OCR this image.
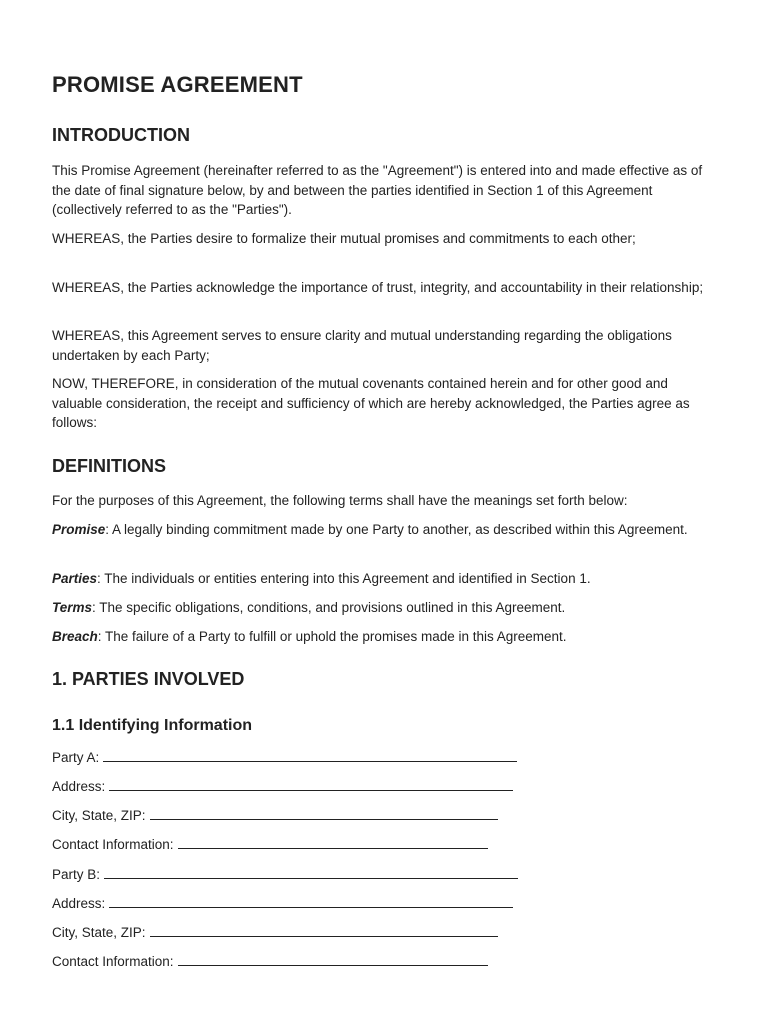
PROMISE AGREEMENT
INTRODUCTION

This Promise Agreement (hereinafter referred to as the "Agreement") is entered into and made effective as of the date of final signature below, by and between the parties identified in Section 1 of this Agreement (collectively referred to as the "Parties").

WHEREAS, the Parties desire to formalize their mutual promises and commitments to each other;

WHEREAS, the Parties acknowledge the importance of trust, integrity, and accountability in their relationship;

WHEREAS, this Agreement serves to ensure clarity and mutual understanding regarding the obligations undertaken by each Party;

NOW, THEREFORE, in consideration of the mutual covenants contained herein and for other good and valuable consideration, the receipt and sufficiency of which are hereby acknowledged, the Parties agree as follows:

DEFINITIONS

For the purposes of this Agreement, the following terms shall have the meanings set forth below:

Promise: A legally binding commitment made by one Party to another, as described within this Agreement.

Parties: The individuals or entities entering into this Agreement and identified in Section 1.

Terms: The specific obligations, conditions, and provisions outlined in this Agreement.

Breach: The failure of a Party to fulfill or uphold the promises made in this Agreement.

1. PARTIES INVOLVED
1.1 Identifying Information
Party A:
Address:
City, State, ZIP:
Contact Information:
Party B:
Address:
City, State, ZIP:
Contact Information:
